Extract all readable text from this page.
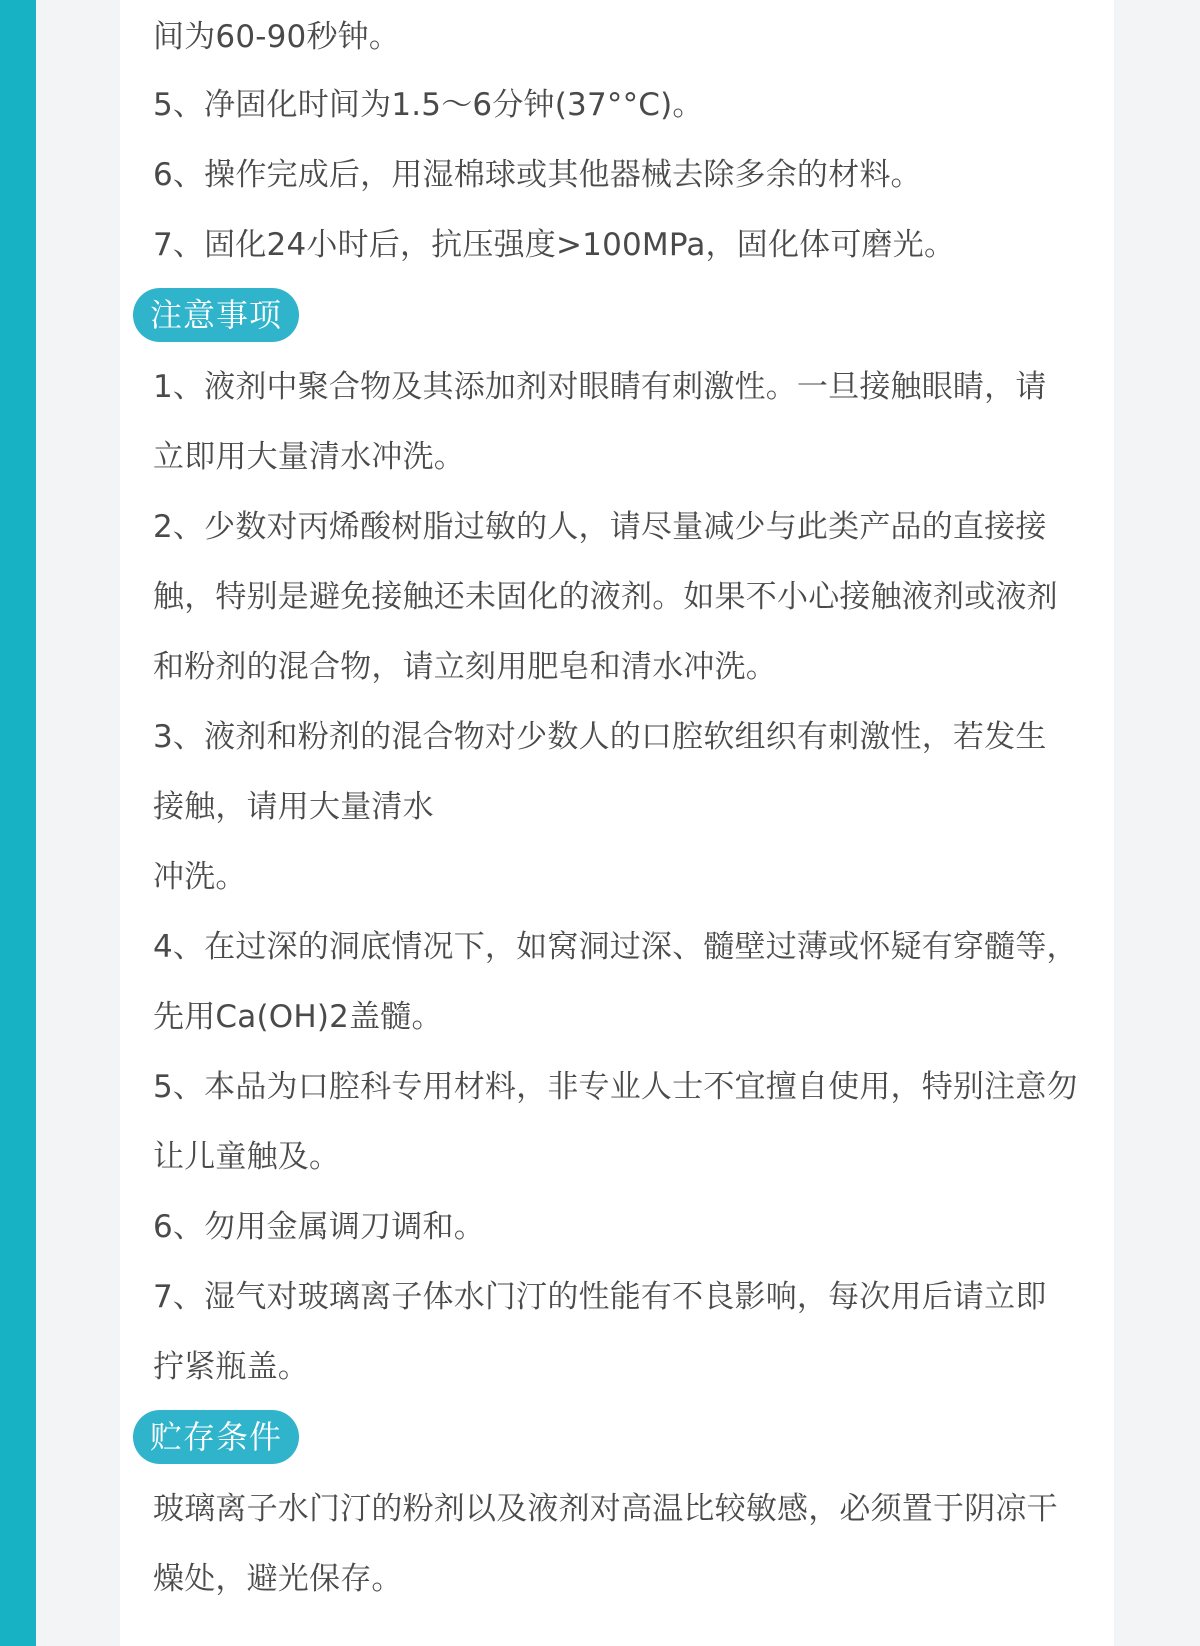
间为60-90秒钟。
5、净固化时间为1.5～6分钟(37°°C)。
6、操作完成后，用湿棉球或其他器械去除多余的材料。
7、固化24小时后，抗压强度>100MPa，固化体可磨光。
注意事项
1、液剂中聚合物及其添加剂对眼睛有刺激性。一旦接触眼睛，请
立即用大量清水冲洗。
2、少数对丙烯酸树脂过敏的人，请尽量减少与此类产品的直接接
触，特别是避免接触还未固化的液剂。如果不小心接触液剂或液剂
和粉剂的混合物，请立刻用肥皂和清水冲洗。
3、液剂和粉剂的混合物对少数人的口腔软组织有刺激性，若发生
接触，请用大量清水
冲洗。
4、在过深的洞底情况下，如窝洞过深、髓壁过薄或怀疑有穿髓等，
先用Ca(OH)2盖髓。
5、本品为口腔科专用材料，非专业人士不宜擅自使用，特别注意勿
让儿童触及。
6、勿用金属调刀调和。
7、湿气对玻璃离子体水门汀的性能有不良影响，每次用后请立即
拧紧瓶盖。
贮存条件
玻璃离子水门汀的粉剂以及液剂对高温比较敏感，必须置于阴凉干
燥处，避光保存。
